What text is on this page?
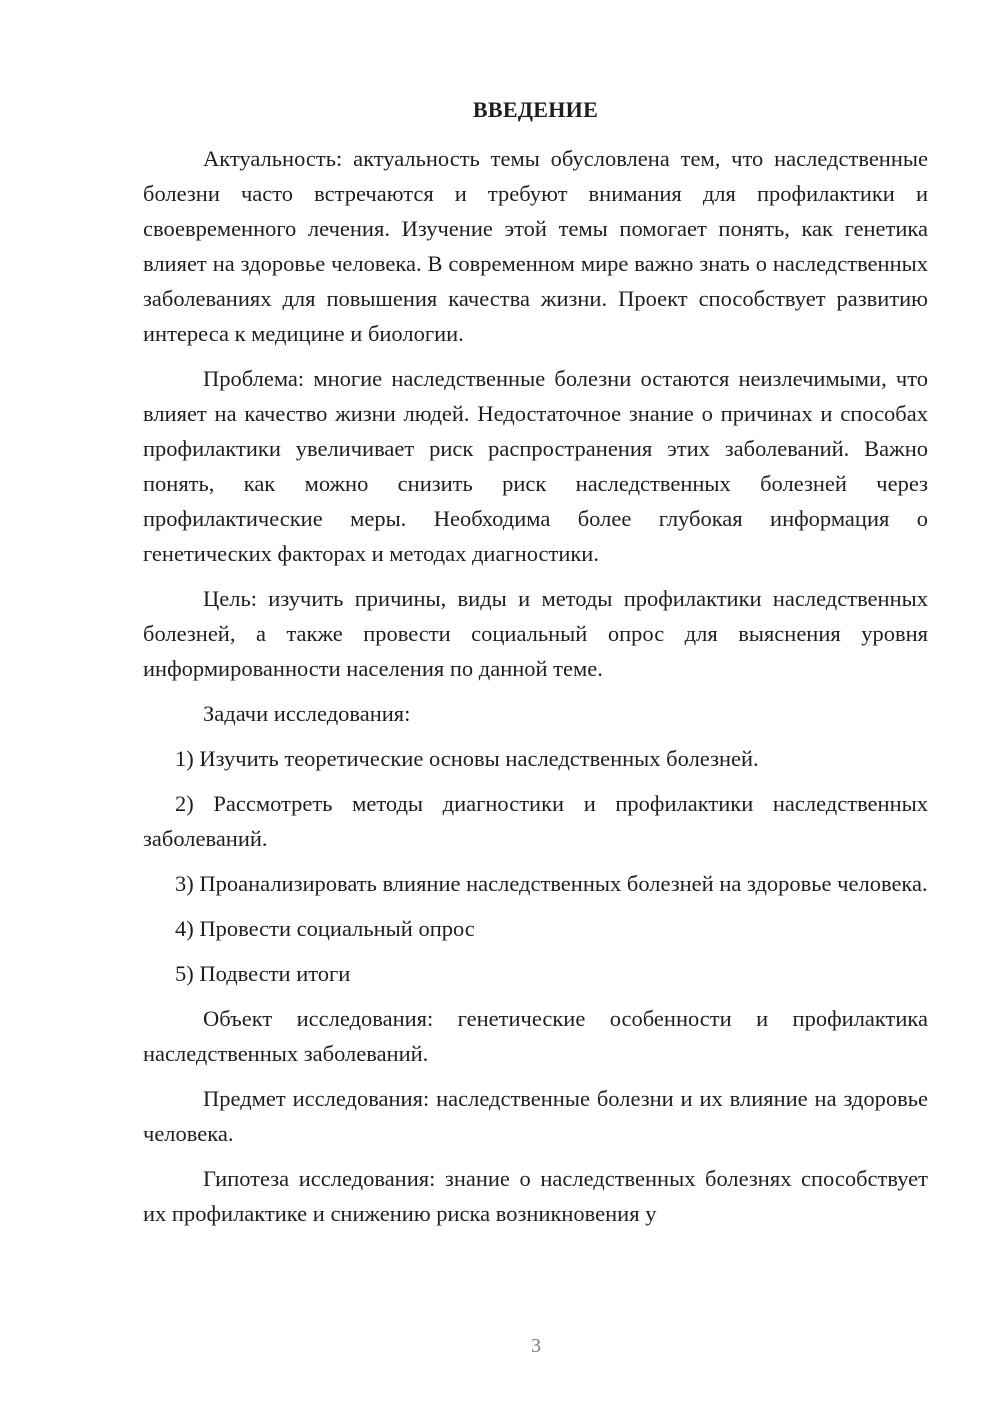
ВВЕДЕНИЕ

Актуальность: актуальность темы обусловлена тем, что наследственные болезни часто встречаются и требуют внимания для профилактики и своевременного лечения. Изучение этой темы помогает понять, как генетика влияет на здоровье человека. В современном мире важно знать о наследственных заболеваниях для повышения качества жизни. Проект способствует развитию интереса к медицине и биологии.

Проблема: многие наследственные болезни остаются неизлечимыми, что влияет на качество жизни людей. Недостаточное знание о причинах и способах профилактики увеличивает риск распространения этих заболеваний. Важно понять, как можно снизить риск наследственных болезней через профилактические меры. Необходима более глубокая информация о генетических факторах и методах диагностики.

Цель: изучить причины, виды и методы профилактики наследственных болезней, а также провести социальный опрос для выяснения уровня информированности населения по данной теме.

Задачи исследования:

1) Изучить теоретические основы наследственных болезней.

2) Рассмотреть методы диагностики и профилактики наследственных заболеваний.

3) Проанализировать влияние наследственных болезней на здоровье человека.

4) Провести социальный опрос

5) Подвести итоги

Объект исследования: генетические особенности и профилактика наследственных заболеваний.

Предмет исследования: наследственные болезни и их влияние на здоровье человека.

Гипотеза исследования: знание о наследственных болезнях способствует их профилактике и снижению риска возникновения у

3
